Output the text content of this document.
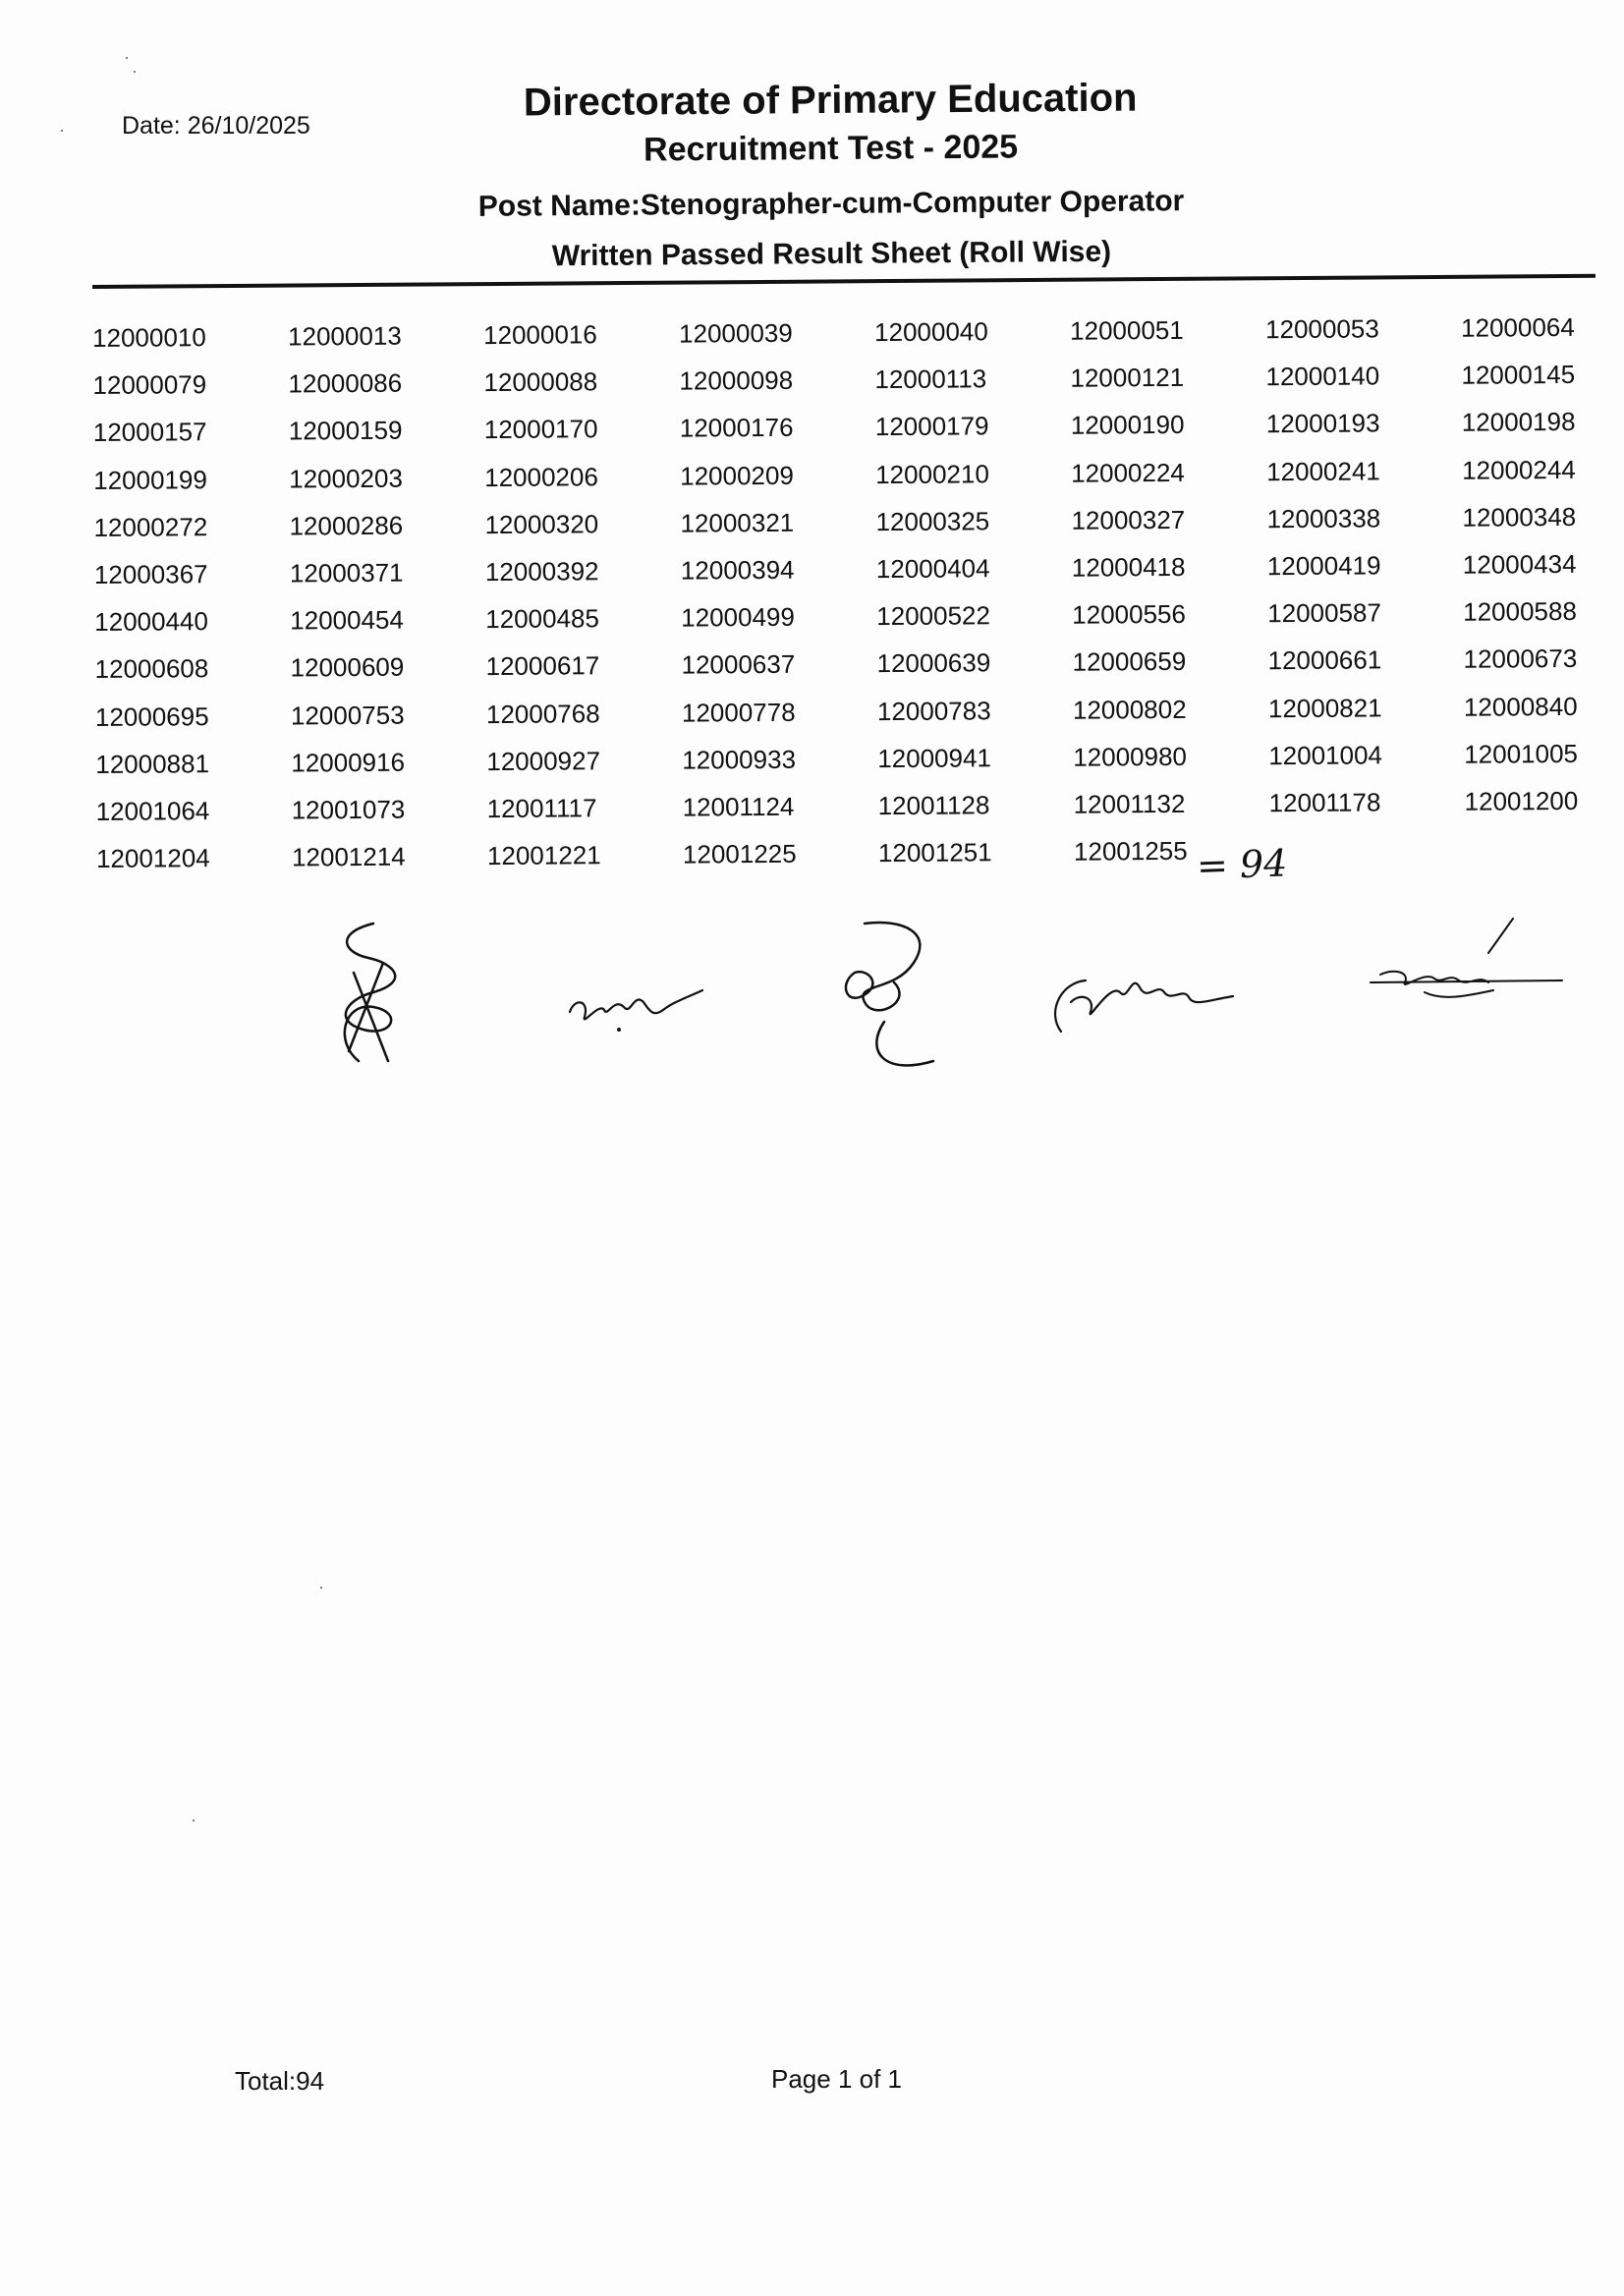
Date: 26/10/2025
Directorate of Primary Education
Recruitment Test - 2025
Post Name:Stenographer-cum-Computer Operator
Written Passed Result Sheet (Roll Wise)
12000010	12000013	12000016	12000039	12000040	12000051	12000053	12000064
12000079	12000086	12000088	12000098	12000113	12000121	12000140	12000145
12000157	12000159	12000170	12000176	12000179	12000190	12000193	12000198
12000199	12000203	12000206	12000209	12000210	12000224	12000241	12000244
12000272	12000286	12000320	12000321	12000325	12000327	12000338	12000348
12000367	12000371	12000392	12000394	12000404	12000418	12000419	12000434
12000440	12000454	12000485	12000499	12000522	12000556	12000587	12000588
12000608	12000609	12000617	12000637	12000639	12000659	12000661	12000673
12000695	12000753	12000768	12000778	12000783	12000802	12000821	12000840
12000881	12000916	12000927	12000933	12000941	12000980	12001004	12001005
12001064	12001073	12001117	12001124	12001128	12001132	12001178	12001200
12001204	12001214	12001221	12001225	12001251	12001255 = 94
Total:94	Page 1 of 1
